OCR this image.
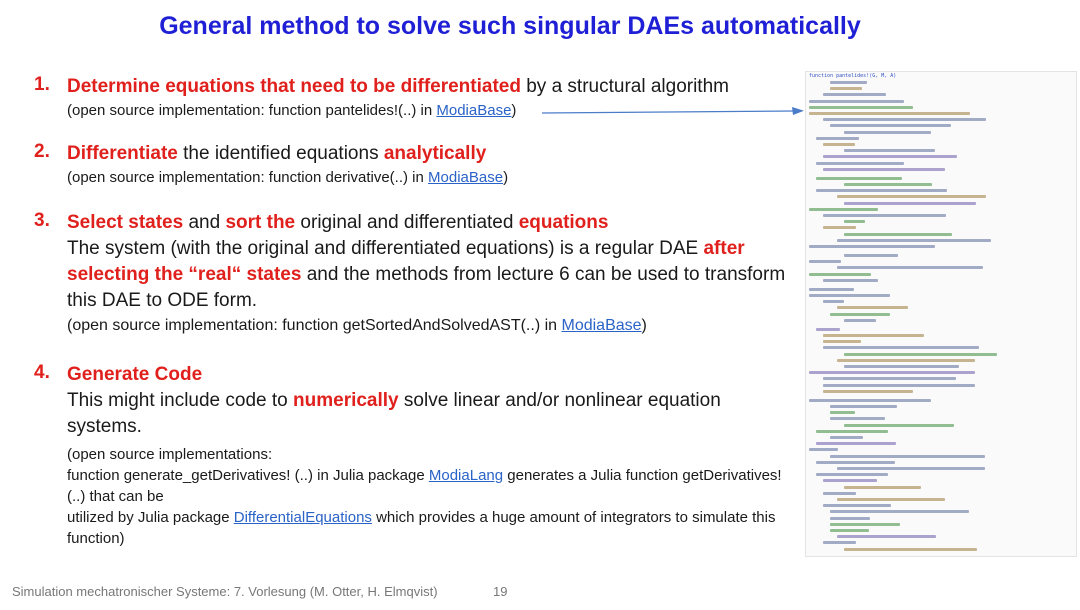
General method to solve such singular DAEs automatically
1. Determine equations that need to be differentiated by a structural algorithm
(open source implementation: function pantelides!(..) in ModiaBase)
2. Differentiate the identified equations analytically
(open source implementation: function derivative(..) in ModiaBase)
3. Select states and sort the original and differentiated equations
The system (with the original and differentiated equations) is a regular DAE after selecting the “real“ states and the methods from lecture 6 can be used to transform this DAE to ODE form.
(open source implementation: function getSortedAndSolvedAST(..) in ModiaBase)
4. Generate Code
This might include code to numerically solve linear and/or nonlinear equation systems.
(open source implementations:
function generate_getDerivatives! (..) in Julia package ModiaLang generates a Julia function getDerivatives!(..) that can be
utilized by Julia package DifferentialEquations which provides a huge amount of integrators to simulate this function)
function pantelides!(G, M, A)
Simulation mechatronischer Systeme: 7. Vorlesung (M. Otter, H. Elmqvist)	19
